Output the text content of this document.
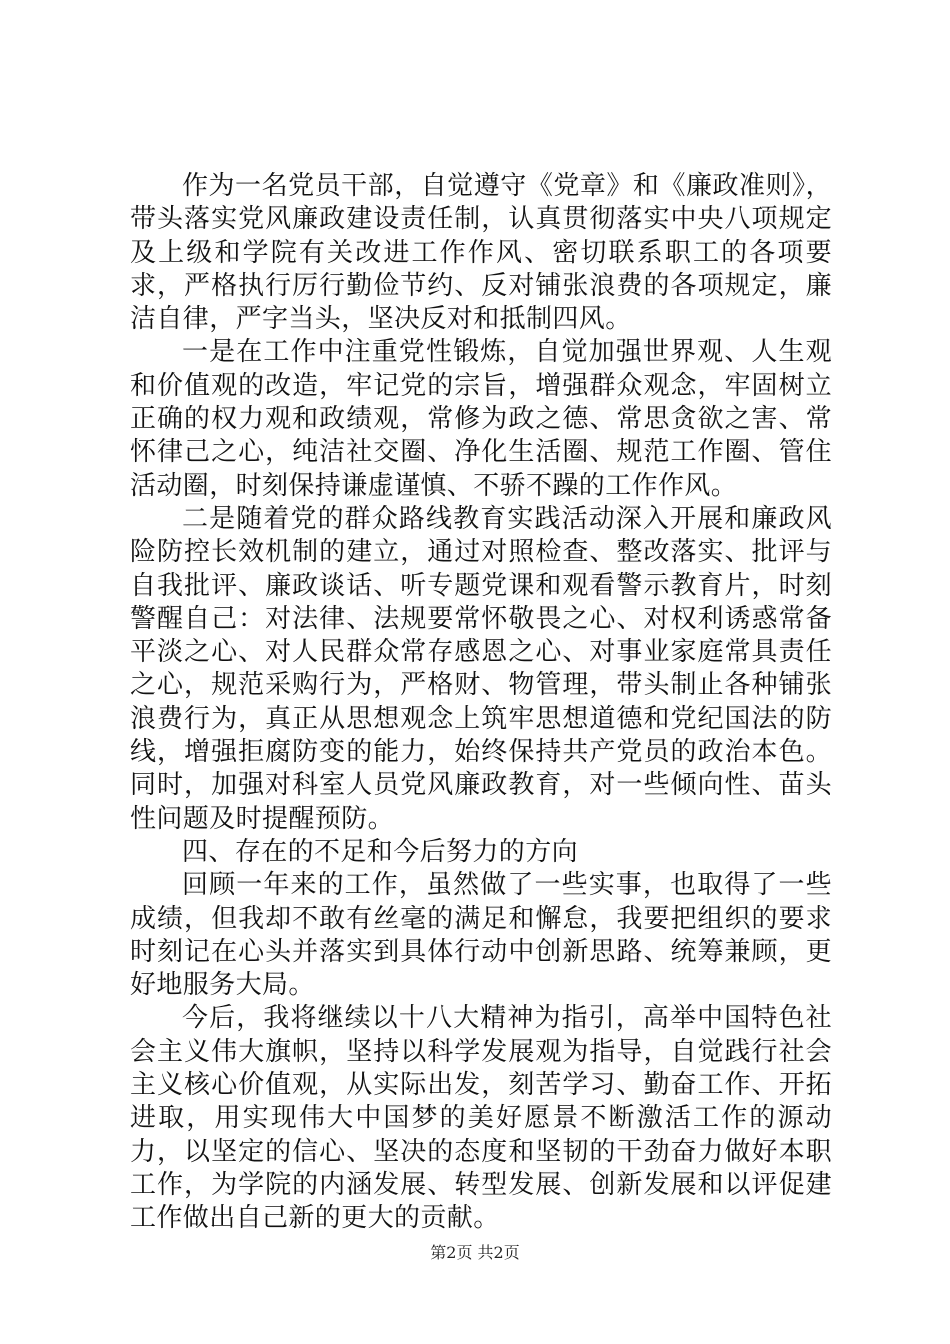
作为一名党员干部，自觉遵守《党章》和《廉政准则》，带头落实党风廉政建设责任制，认真贯彻落实中央八项规定及上级和学院有关改进工作作风、密切联系职工的各项要求，严格执行厉行勤俭节约、反对铺张浪费的各项规定，廉洁自律，严字当头，坚决反对和抵制四风。

一是在工作中注重党性锻炼，自觉加强世界观、人生观和价值观的改造，牢记党的宗旨，增强群众观念，牢固树立正确的权力观和政绩观，常修为政之德、常思贪欲之害、常怀律己之心，纯洁社交圈、净化生活圈、规范工作圈、管住活动圈，时刻保持谦虚谨慎、不骄不躁的工作作风。

二是随着党的群众路线教育实践活动深入开展和廉政风险防控长效机制的建立，通过对照检查、整改落实、批评与自我批评、廉政谈话、听专题党课和观看警示教育片，时刻警醒自己：对法律、法规要常怀敬畏之心、对权利诱惑常备平淡之心、对人民群众常存感恩之心、对事业家庭常具责任之心，规范采购行为，严格财、物管理，带头制止各种铺张浪费行为，真正从思想观念上筑牢思想道德和党纪国法的防线，增强拒腐防变的能力，始终保持共产党员的政治本色。同时，加强对科室人员党风廉政教育，对一些倾向性、苗头性问题及时提醒预防。

四、存在的不足和今后努力的方向

回顾一年来的工作，虽然做了一些实事，也取得了一些成绩，但我却不敢有丝毫的满足和懈怠，我要把组织的要求时刻记在心头并落实到具体行动中创新思路、统筹兼顾，更好地服务大局。

今后，我将继续以十八大精神为指引，高举中国特色社会主义伟大旗帜，坚持以科学发展观为指导，自觉践行社会主义核心价值观，从实际出发，刻苦学习、勤奋工作、开拓进取，用实现伟大中国梦的美好愿景不断激活工作的源动力，以坚定的信心、坚决的态度和坚韧的干劲奋力做好本职工作，为学院的内涵发展、转型发展、创新发展和以评促建工作做出自己新的更大的贡献。

第2页 共2页
